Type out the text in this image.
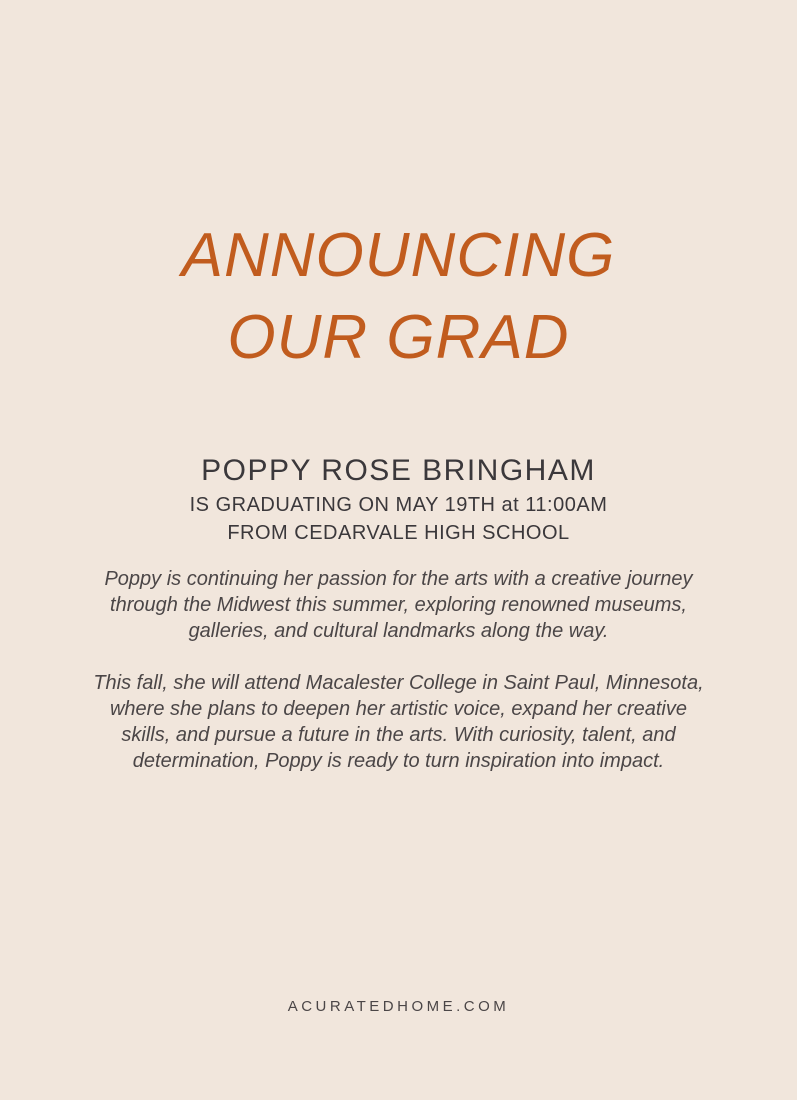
ANNOUNCING
OUR GRAD
POPPY ROSE BRINGHAM
IS GRADUATING ON MAY 19TH at 11:00AM
FROM CEDARVALE HIGH SCHOOL

Poppy is continuing her passion for the arts with a creative journey through the Midwest this summer, exploring renowned museums, galleries, and cultural landmarks along the way.

This fall, she will attend Macalester College in Saint Paul, Minnesota, where she plans to deepen her artistic voice, expand her creative skills, and pursue a future in the arts. With curiosity, talent, and determination, Poppy is ready to turn inspiration into impact.

ACURATEDHOME.COM
